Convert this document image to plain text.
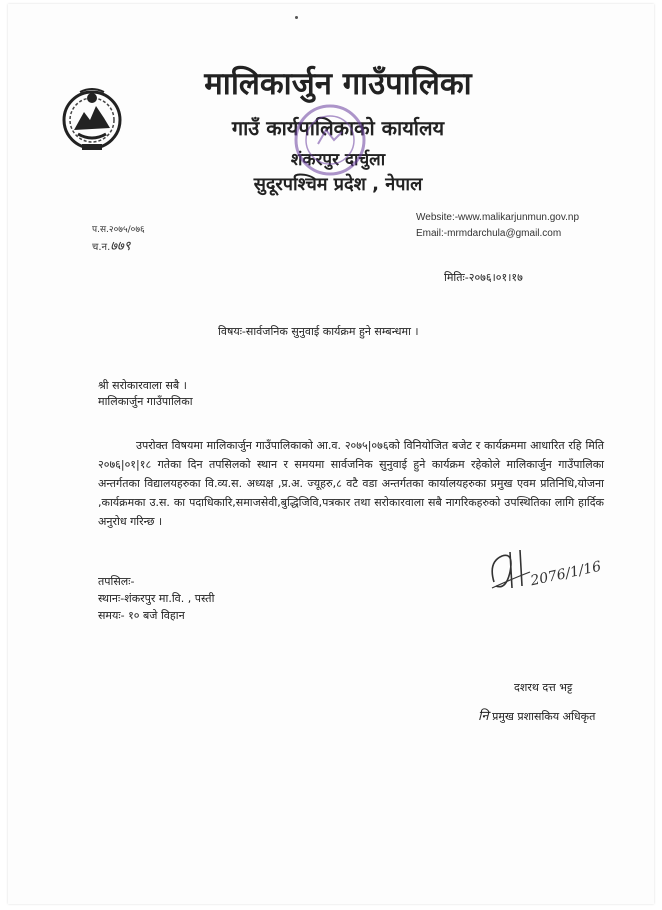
मालिकार्जुन गाउँपालिका
गाउँ कार्यपालिकाको कार्यालय
शंकरपुर दार्चुला
सुदूरपश्चिम प्रदेश , नेपाल
प.स.२०७५/०७६
च.न.७७९
Website:-www.malikarjunmun.gov.np
Email:-mrmdarchula@gmail.com
मितिः-२०७६।०१।१७
विषयः-सार्वजनिक सुनुवाई कार्यक्रम हुने सम्बन्धमा ।
श्री सरोकारवाला सबै ।
मालिकार्जुन गाउँपालिका
उपरोक्त विषयमा मालिकार्जुन गाउँपालिकाको आ.व. २०७५|०७६को विनियोजित बजेट र कार्यक्रममा आधारित रहि मिति २०७६|०१|१८ गतेका दिन तपसिलको स्थान र समयमा सार्वजनिक सुनुवाई हुने कार्यक्रम रहेकोले मालिकार्जुन गाउँपालिका अन्तर्गतका विद्यालयहरुका वि.व्य.स. अध्यक्ष ,प्र.अ. ज्यूहरु,८ वटै वडा अन्तर्गतका कार्यालयहरुका प्रमुख एवम प्रतिनिधि,योजना ,कार्यक्रमका उ.स. का पदाधिकारि,समाजसेवी,बुद्धिजिवि,पत्रकार तथा सरोकारवाला सबै नागरिकहरुको उपस्थितिका लागि हार्दिक अनुरोध गरिन्छ ।
तपसिलः-
स्थानः-शंकरपुर मा.वि. , पस्ती
समयः- १० बजे विहान
2076/1/16
दशरथ दत्त भट्ट
नि प्रमुख प्रशासकिय अधिकृत
